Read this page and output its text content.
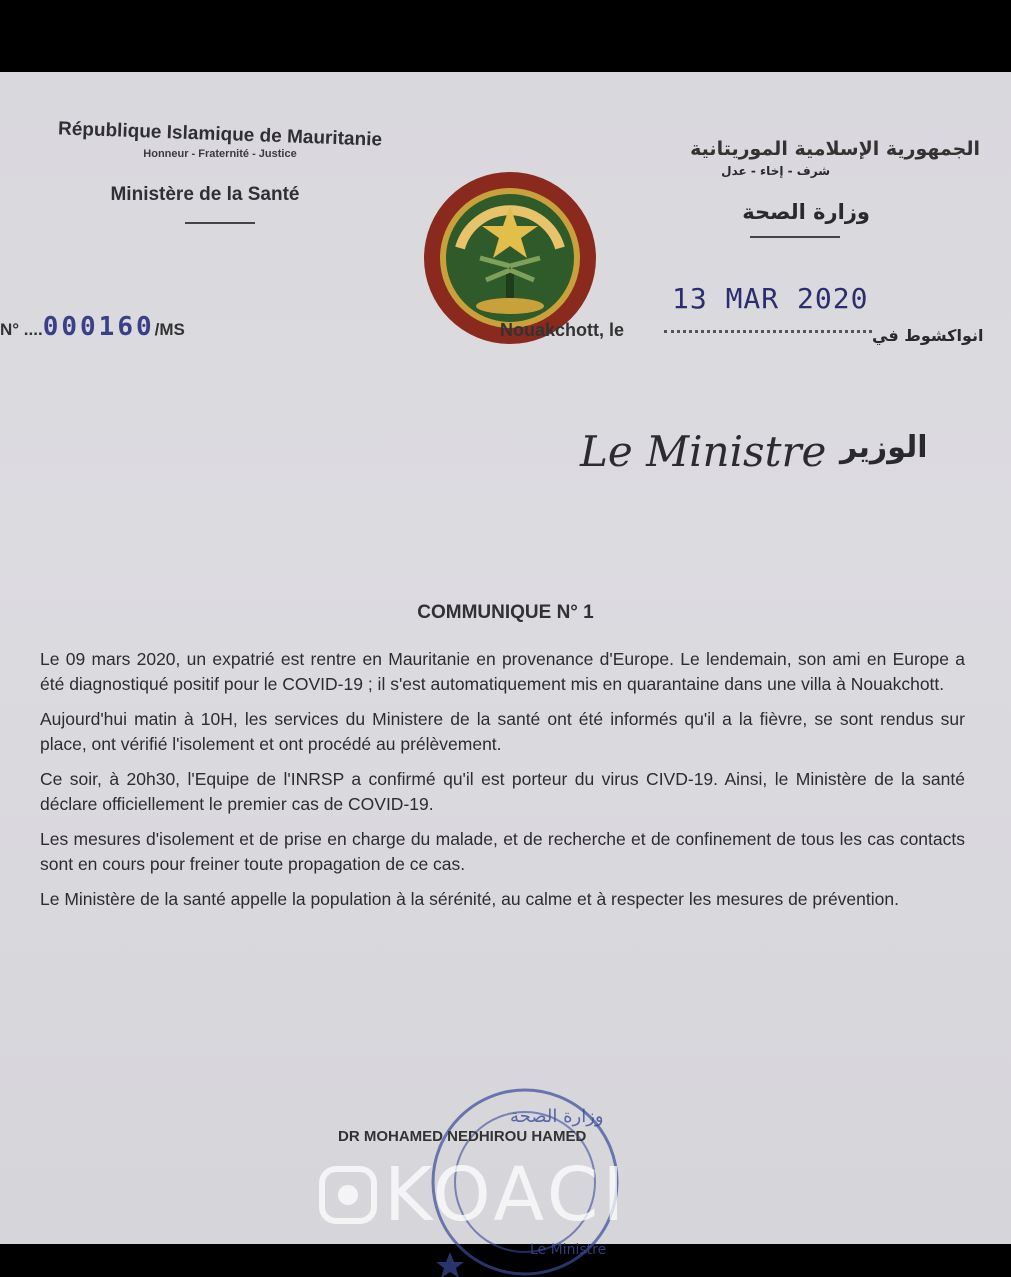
République Islamique de Mauritanie
Honneur - Fraternité - Justice
Ministère de la Santé
الجمهورية الإسلامية الموريتانية
شرف - إخاء - عدل
وزارة الصحة
N° ....000160/MS
13 MAR 2020
Nouakchott, le	انواكشوط في
Le Ministre الوزير
COMMUNIQUE N° 1

Le 09 mars 2020, un expatrié est rentre en Mauritanie en provenance d'Europe. Le lendemain, son ami en Europe a été diagnostiqué positif pour le COVID-19 ; il s'est automatiquement mis en quarantaine dans une villa à Nouakchott.

Aujourd'hui matin à 10H, les services du Ministere de la santé ont été informés qu'il a la fièvre, se sont rendus sur place, ont vérifié l'isolement et ont procédé au prélèvement.

Ce soir, à 20h30, l'Equipe de l'INRSP a confirmé qu'il est porteur du virus CIVD-19. Ainsi, le Ministère de la santé déclare officiellement le premier cas de COVID-19.

Les mesures d'isolement et de prise en charge du malade, et de recherche et de confinement de tous les cas contacts sont en cours pour freiner toute propagation de ce cas.

Le Ministère de la santé appelle la population à la sérénité, au calme et à respecter les mesures de prévention.

وزارة الصحة
Le Ministre
DR MOHAMED NEDHIROU HAMED
KOACI
